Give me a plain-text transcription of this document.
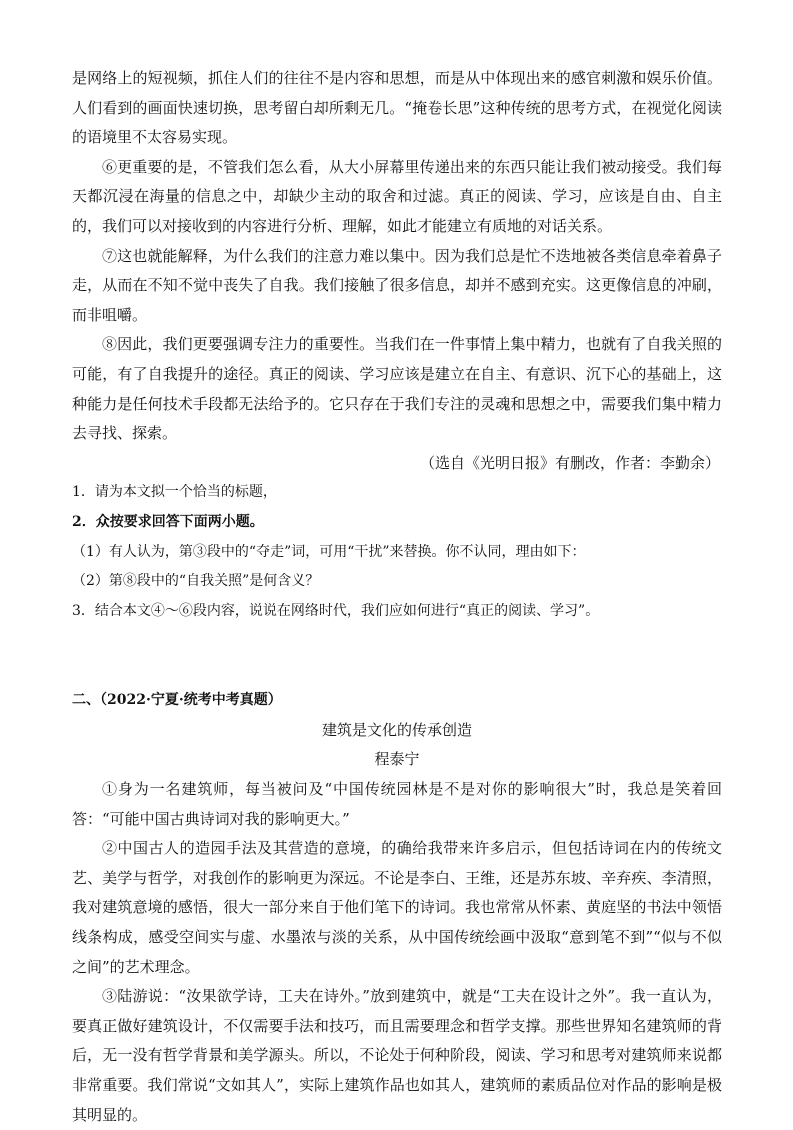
是网络上的短视频，抓住人们的往往不是内容和思想，而是从中体现出来的感官刺激和娱乐价值。人们看到的画面快速切换，思考留白却所剩无几。“掩卷长思”这种传统的思考方式，在视觉化阅读的语境里不太容易实现。

⑥更重要的是，不管我们怎么看，从大小屏幕里传递出来的东西只能让我们被动接受。我们每天都沉浸在海量的信息之中，却缺少主动的取舍和过滤。真正的阅读、学习，应该是自由、自主的，我们可以对接收到的内容进行分析、理解，如此才能建立有质地的对话关系。

⑦这也就能解释，为什么我们的注意力难以集中。因为我们总是忙不迭地被各类信息牵着鼻子走，从而在不知不觉中丧失了自我。我们接触了很多信息，却并不感到充实。这更像信息的冲刷，而非咀嚼。

⑧因此，我们更要强调专注力的重要性。当我们在一件事情上集中精力，也就有了自我关照的可能，有了自我提升的途径。真正的阅读、学习应该是建立在自主、有意识、沉下心的基础上，这种能力是任何技术手段都无法给予的。它只存在于我们专注的灵魂和思想之中，需要我们集中精力去寻找、探索。

（选自《光明日报》有删改，作者：李勤余）

1．请为本文拟一个恰当的标题，

2．众按要求回答下面两小题。

（1）有人认为，第③段中的“夺走”词，可用“干扰”来替换。你不认同，理由如下：

（2）第⑧段中的“自我关照”是何含义？

3．结合本文④～⑥段内容，说说在网络时代，我们应如何进行“真正的阅读、学习”。

二、（2022·宁夏·统考中考真题）

建筑是文化的传承创造

程泰宁

①身为一名建筑师，每当被问及“中国传统园林是不是对你的影响很大”时，我总是笑着回答：“可能中国古典诗词对我的影响更大。”

②中国古人的造园手法及其营造的意境，的确给我带来许多启示，但包括诗词在内的传统文艺、美学与哲学，对我创作的影响更为深远。不论是李白、王维，还是苏东坡、辛弃疾、李清照，我对建筑意境的感悟，很大一部分来自于他们笔下的诗词。我也常常从怀素、黄庭坚的书法中领悟线条构成，感受空间实与虚、水墨浓与淡的关系，从中国传统绘画中汲取“意到笔不到”“似与不似之间”的艺术理念。

③陆游说：“汝果欲学诗，工夫在诗外。”放到建筑中，就是“工夫在设计之外”。我一直认为，要真正做好建筑设计，不仅需要手法和技巧，而且需要理念和哲学支撑。那些世界知名建筑师的背后，无一没有哲学背景和美学源头。所以，不论处于何种阶段，阅读、学习和思考对建筑师来说都非常重要。我们常说“文如其人”，实际上建筑作品也如其人，建筑师的素质品位对作品的影响是极其明显的。
